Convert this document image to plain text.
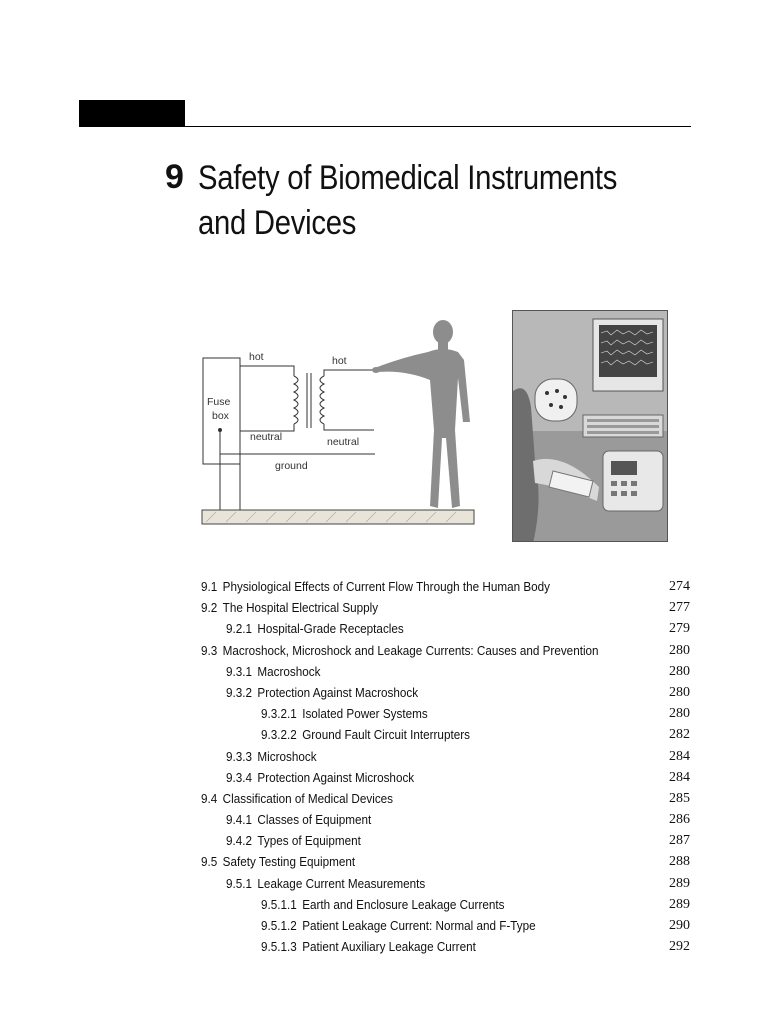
9 Safety of Biomedical Instruments
and Devices
Fuse
box
hot
neutral
hot
neutral
ground
9.1 Physiological Effects of Current Flow Through the Human Body	274
9.2 The Hospital Electrical Supply	277
9.2.1 Hospital-Grade Receptacles	279
9.3 Macroshock, Microshock and Leakage Currents: Causes and Prevention	280
9.3.1 Macroshock	280
9.3.2 Protection Against Macroshock	280
9.3.2.1 Isolated Power Systems	280
9.3.2.2 Ground Fault Circuit Interrupters	282
9.3.3 Microshock	284
9.3.4 Protection Against Microshock	284
9.4 Classification of Medical Devices	285
9.4.1 Classes of Equipment	286
9.4.2 Types of Equipment	287
9.5 Safety Testing Equipment	288
9.5.1 Leakage Current Measurements	289
9.5.1.1 Earth and Enclosure Leakage Currents	289
9.5.1.2 Patient Leakage Current: Normal and F-Type	290
9.5.1.3 Patient Auxiliary Leakage Current	292
